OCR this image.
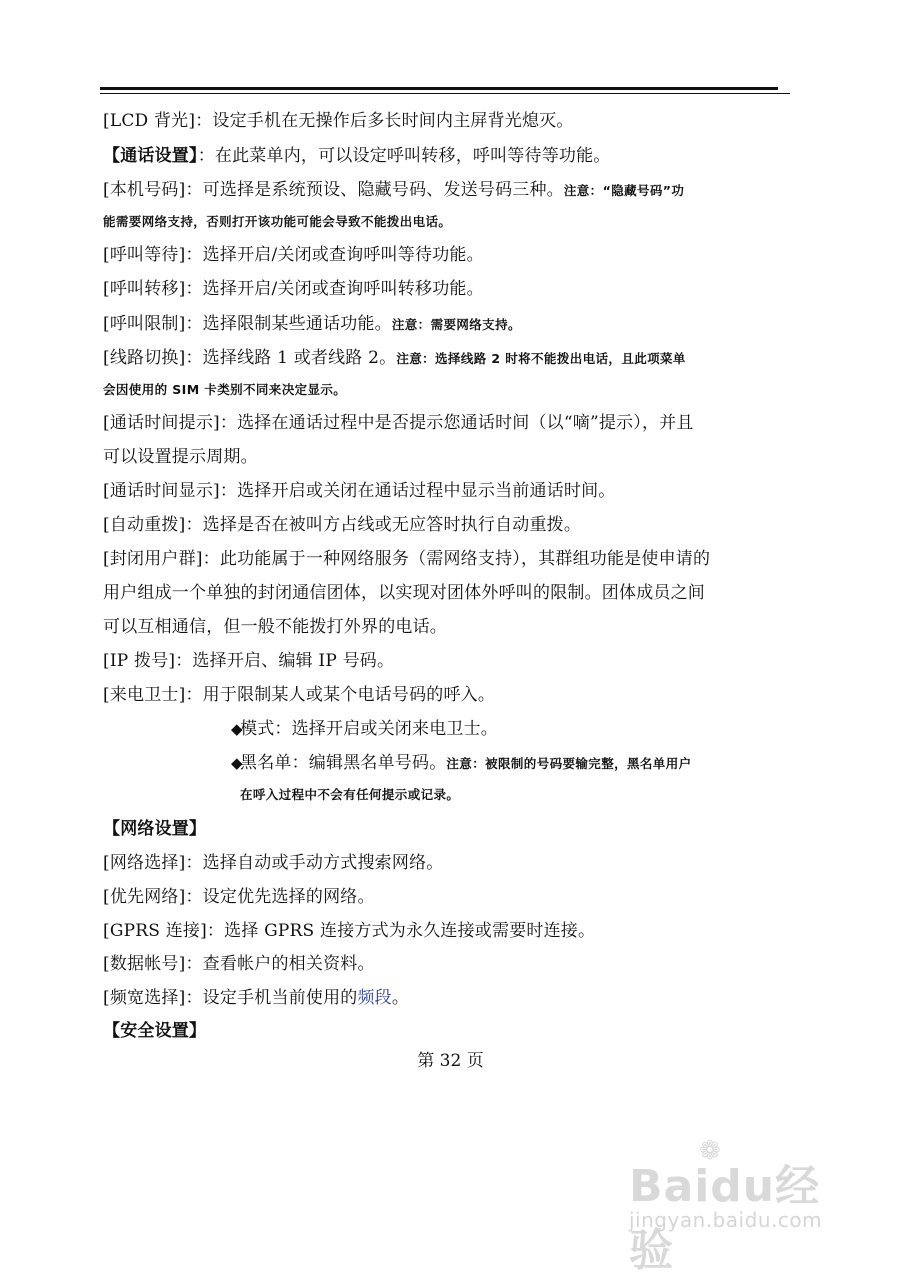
[LCD 背光]：设定手机在无操作后多长时间内主屏背光熄灭。
【通话设置】：在此菜单内，可以设定呼叫转移，呼叫等待等功能。
[本机号码]：可选择是系统预设、隐藏号码、发送号码三种。注意：“隐藏号码”功
能需要网络支持，否则打开该功能可能会导致不能拨出电话。
[呼叫等待]：选择开启/关闭或查询呼叫等待功能。
[呼叫转移]：选择开启/关闭或查询呼叫转移功能。
[呼叫限制]：选择限制某些通话功能。注意：需要网络支持。
[线路切换]：选择线路 1 或者线路 2。注意：选择线路 2 时将不能拨出电话，且此项菜单
会因使用的 SIM 卡类别不同来决定显示。
[通话时间提示]：选择在通话过程中是否提示您通话时间（以“嘀”提示），并且
可以设置提示周期。
[通话时间显示]：选择开启或关闭在通话过程中显示当前通话时间。
[自动重拨]：选择是否在被叫方占线或无应答时执行自动重拨。
[封闭用户群]：此功能属于一种网络服务（需网络支持），其群组功能是使申请的
用户组成一个单独的封闭通信团体，以实现对团体外呼叫的限制。团体成员之间
可以互相通信，但一般不能拨打外界的电话。
[IP 拨号]：选择开启、编辑 IP 号码。
[来电卫士]：用于限制某人或某个电话号码的呼入。
◆
模式：选择开启或关闭来电卫士。
◆
黑名单：编辑黑名单号码。注意：被限制的号码要输完整，黑名单用户
在呼入过程中不会有任何提示或记录。
【网络设置】
[网络选择]：选择自动或手动方式搜索网络。
[优先网络]：设定优先选择的网络。
[GPRS 连接]：选择 GPRS 连接方式为永久连接或需要时连接。
[数据帐号]：查看帐户的相关资料。
[频宽选择]：设定手机当前使用的频段。
【安全设置】
第 32 页
❁
Baidu经验
jingyan.baidu.com
